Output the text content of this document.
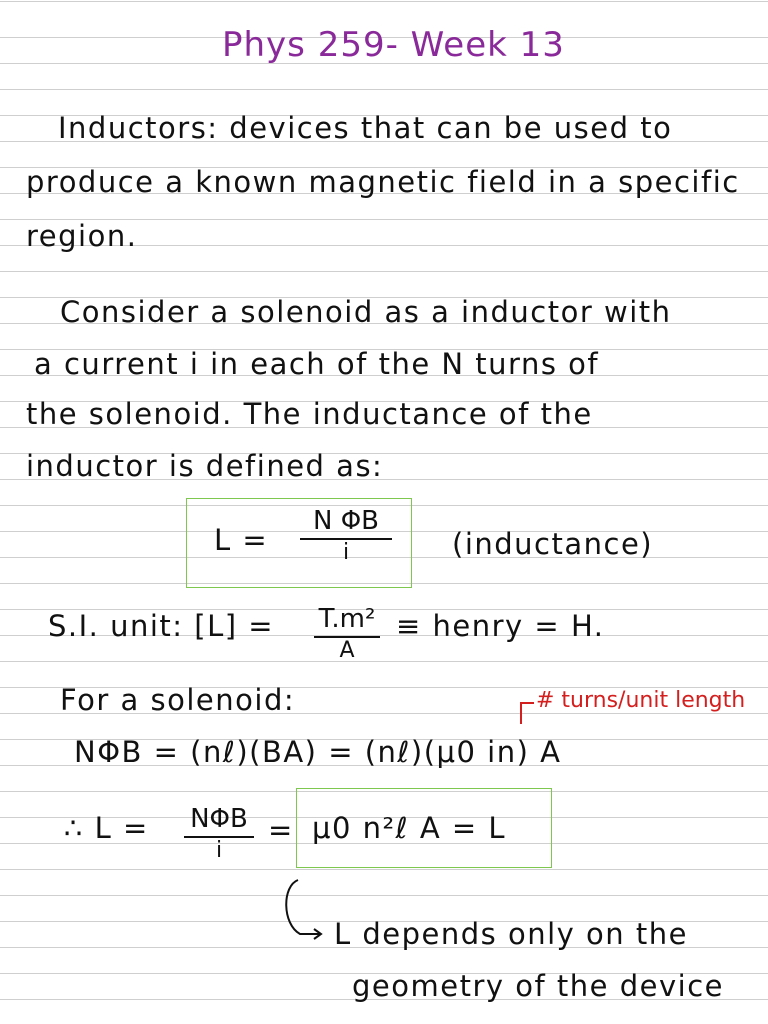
Phys 259- Week 13
Inductors: devices that can be used to
produce a known magnetic field in a specific
region.
Consider a solenoid as a inductor with
a current i in each of the N turns of
the solenoid. The inductance of the
inductor is defined as:
L =
N ΦB
i	(inductance)
S.I. unit: [L] = T.m²
A
≡ henry = H.
For a solenoid:	# turns/unit length
NΦB = (nℓ)(BA) = (nℓ)(μ0 in) A
∴ L = NΦB
i
= μ0 n²ℓ A = L
L depends only on the
geometry of the device
